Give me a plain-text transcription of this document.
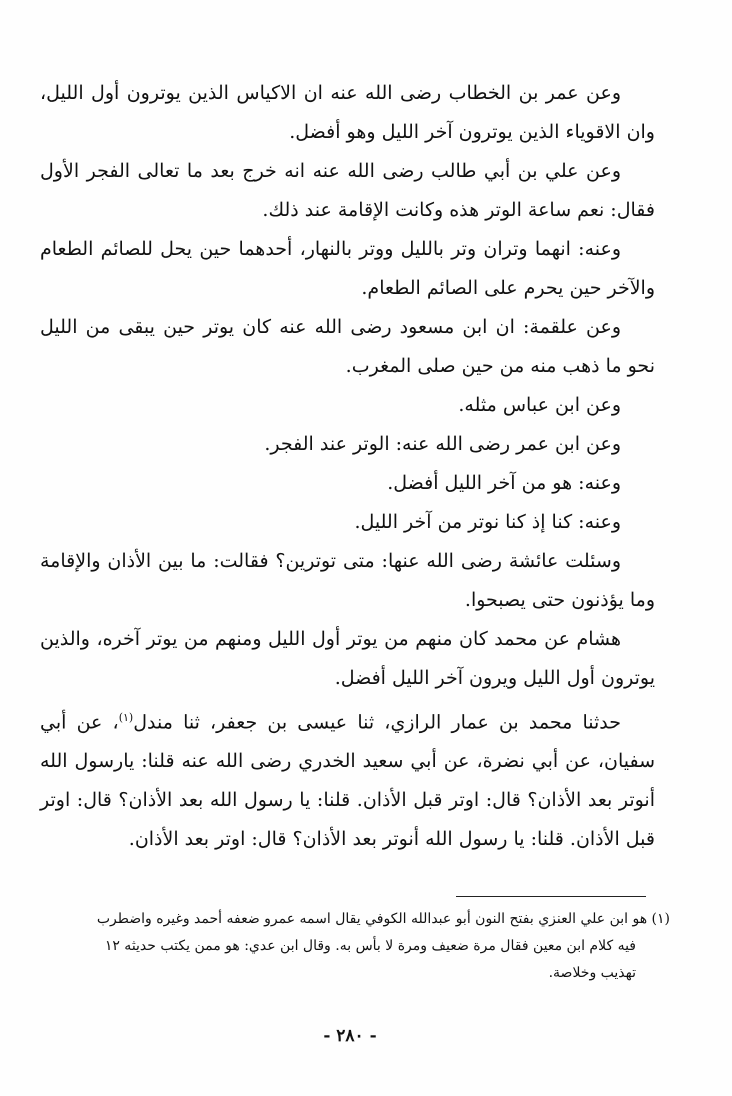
وعن عمر بن الخطاب رضى الله عنه ان الاكياس الذين يوترون أول الليل، وان الاقوياء الذين يوترون آخر الليل وهو أفضل.

وعن علي بن أبي طالب رضى الله عنه انه خرج بعد ما تعالى الفجر الأول فقال: نعم ساعة الوتر هذه وكانت الإقامة عند ذلك.

وعنه: انهما وتران وتر بالليل ووتر بالنهار، أحدهما حين يحل للصائم الطعام والآخر حين يحرم على الصائم الطعام.

وعن علقمة: ان ابن مسعود رضى الله عنه كان يوتر حين يبقى من الليل نحو ما ذهب منه من حين صلى المغرب.

وعن ابن عباس مثله.

وعن ابن عمر رضى الله عنه: الوتر عند الفجر.

وعنه: هو من آخر الليل أفضل.

وعنه: كنا إذ كنا نوتر من آخر الليل.

وسئلت عائشة رضى الله عنها: متى توترين؟ فقالت: ما بين الأذان والإقامة وما يؤذنون حتى يصبحوا.

هشام عن محمد كان منهم من يوتر أول الليل ومنهم من يوتر آخره، والذين يوترون أول الليل ويرون آخر الليل أفضل.

حدثنا محمد بن عمار الرازي، ثنا عيسى بن جعفر، ثنا مندل$^{(١)}$، عن أبي سفيان، عن أبي نضرة، عن أبي سعيد الخدري رضى الله عنه قلنا: يارسول الله أنوتر بعد الأذان؟ قال: اوتر قبل الأذان. قلنا: يا رسول الله بعد الأذان؟ قال: اوتر قبل الأذان. قلنا: يا رسول الله أنوتر بعد الأذان؟ قال: اوتر بعد الأذان.

(١) هو ابن علي العنزي بفتح النون أبو عبدالله الكوفي يقال اسمه عمرو ضعفه أحمد وغيره واضطرب

فيه كلام ابن معين فقال مرة ضعيف ومرة لا بأس به. وقال ابن عدي: هو ممن يكتب حديثه ١٢

تهذيب وخلاصة.

- ٢٨٠ -
